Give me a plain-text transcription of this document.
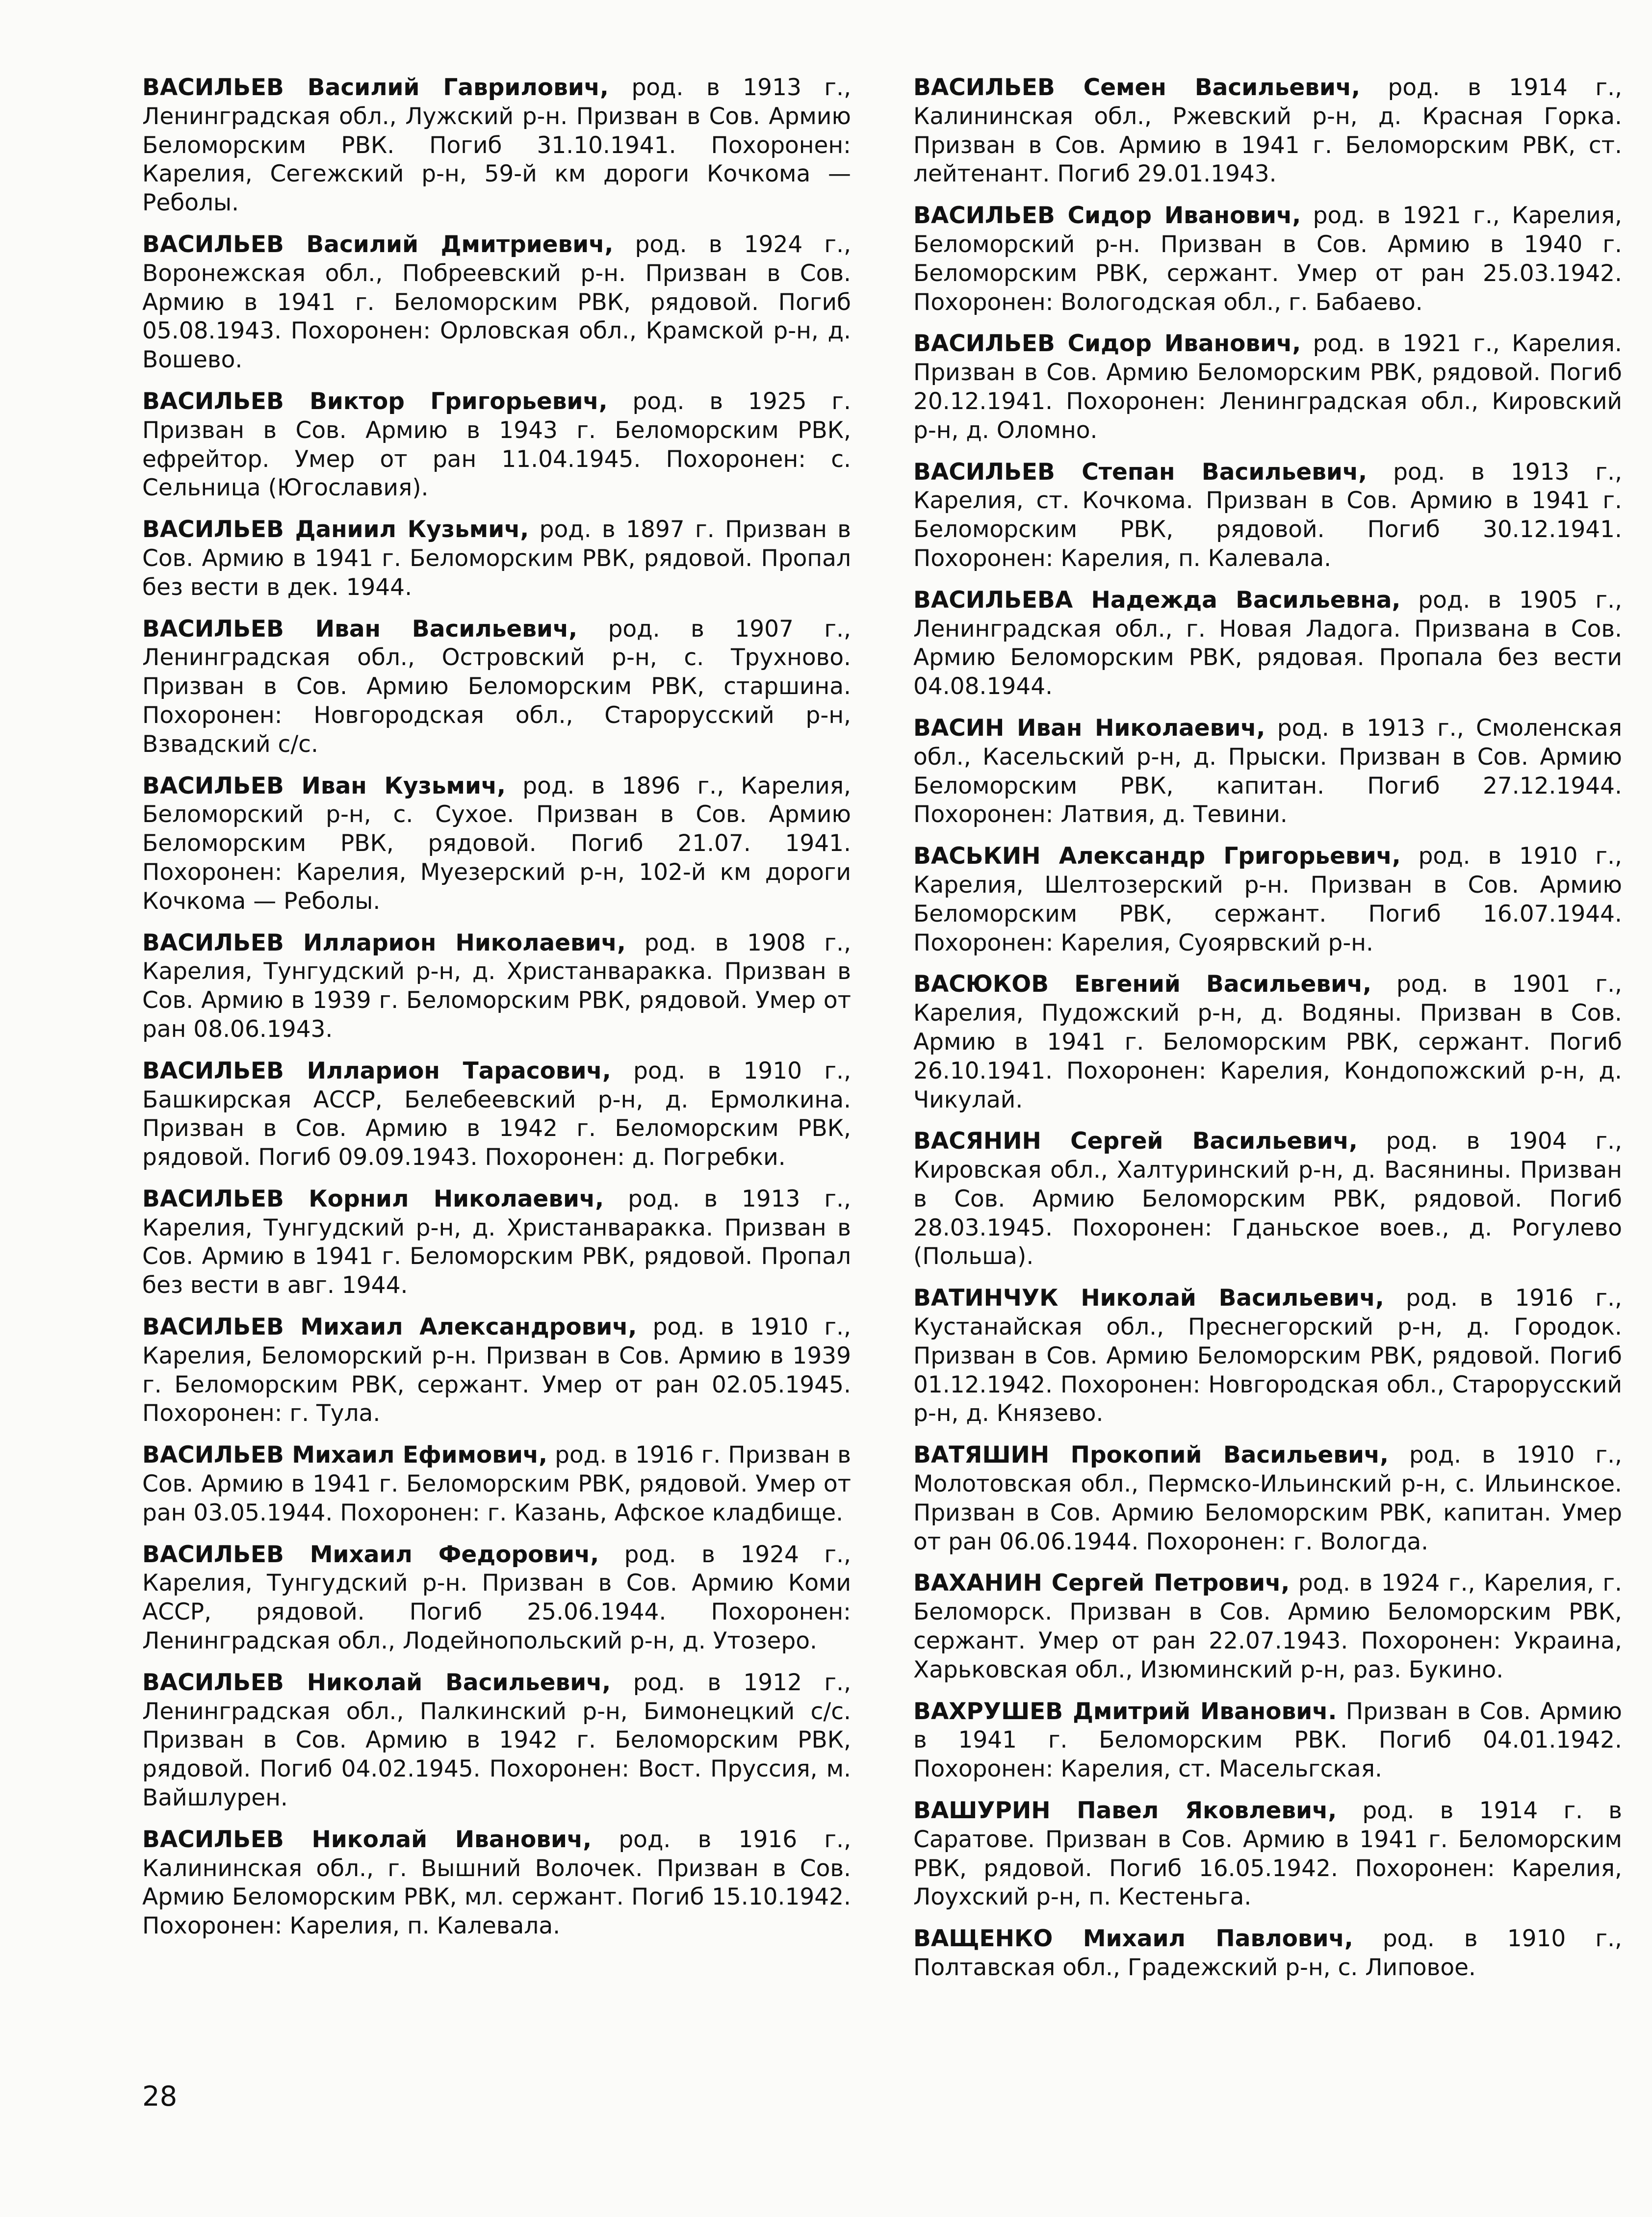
ВАСИЛЬЕВ Василий Гаврилович, род. в 1913 г., Ленинградская обл., Лужский р-н. Призван в Сов. Армию Беломорским РВК. Погиб 31.10.1941. Похоронен: Карелия, Сегежский р-н, 59-й км дороги Кочкома — Реболы.

ВАСИЛЬЕВ Василий Дмитриевич, род. в 1924 г., Воронежская обл., Побреевский р-н. Призван в Сов. Армию в 1941 г. Беломорским РВК, рядовой. Погиб 05.08.1943. Похоронен: Орловская обл., Крамской р-н, д. Вошево.

ВАСИЛЬЕВ Виктор Григорьевич, род. в 1925 г. Призван в Сов. Армию в 1943 г. Беломорским РВК, ефрейтор. Умер от ран 11.04.1945. Похоронен: с. Сельница (Югославия).

ВАСИЛЬЕВ Даниил Кузьмич, род. в 1897 г. Призван в Сов. Армию в 1941 г. Беломорским РВК, рядовой. Пропал без вести в дек. 1944.

ВАСИЛЬЕВ Иван Васильевич, род. в 1907 г., Ленинградская обл., Островский р-н, с. Трухново. Призван в Сов. Армию Беломорским РВК, старшина. Похоронен: Новгородская обл., Старорусский р-н, Взвадский с/с.

ВАСИЛЬЕВ Иван Кузьмич, род. в 1896 г., Карелия, Беломорский р-н, с. Сухое. Призван в Сов. Армию Беломорским РВК, рядовой. Погиб 21.07. 1941. Похоронен: Карелия, Муезерский р-н, 102-й км дороги Кочкома — Реболы.

ВАСИЛЬЕВ Илларион Николаевич, род. в 1908 г., Карелия, Тунгудский р-н, д. Христанваракка. Призван в Сов. Армию в 1939 г. Беломорским РВК, рядовой. Умер от ран 08.06.1943.

ВАСИЛЬЕВ Илларион Тарасович, род. в 1910 г., Башкирская АССР, Белебеевский р-н, д. Ермолкина. Призван в Сов. Армию в 1942 г. Беломорским РВК, рядовой. Погиб 09.09.1943. Похоронен: д. Погребки.

ВАСИЛЬЕВ Корнил Николаевич, род. в 1913 г., Карелия, Тунгудский р-н, д. Христанваракка. Призван в Сов. Армию в 1941 г. Беломорским РВК, рядовой. Пропал без вести в авг. 1944.

ВАСИЛЬЕВ Михаил Александрович, род. в 1910 г., Карелия, Беломорский р-н. Призван в Сов. Армию в 1939 г. Беломорским РВК, сержант. Умер от ран 02.05.1945. Похоронен: г. Тула.

ВАСИЛЬЕВ Михаил Ефимович, род. в 1916 г. Призван в Сов. Армию в 1941 г. Беломорским РВК, рядовой. Умер от ран 03.05.1944. Похоронен: г. Казань, Афское кладбище.

ВАСИЛЬЕВ Михаил Федорович, род. в 1924 г., Карелия, Тунгудский р-н. Призван в Сов. Армию Коми АССР, рядовой. Погиб 25.06.1944. Похоронен: Ленинградская обл., Лодейнопольский р-н, д. Утозеро.

ВАСИЛЬЕВ Николай Васильевич, род. в 1912 г., Ленинградская обл., Палкинский р-н, Бимонецкий с/с. Призван в Сов. Армию в 1942 г. Беломорским РВК, рядовой. Погиб 04.02.1945. Похоронен: Вост. Пруссия, м. Вайшлурен.

ВАСИЛЬЕВ Николай Иванович, род. в 1916 г., Калининская обл., г. Вышний Волочек. Призван в Сов. Армию Беломорским РВК, мл. сержант. Погиб 15.10.1942. Похоронен: Карелия, п. Калевала.

ВАСИЛЬЕВ Семен Васильевич, род. в 1914 г., Калининская обл., Ржевский р-н, д. Красная Горка. Призван в Сов. Армию в 1941 г. Беломорским РВК, ст. лейтенант. Погиб 29.01.1943.

ВАСИЛЬЕВ Сидор Иванович, род. в 1921 г., Карелия, Беломорский р-н. Призван в Сов. Армию в 1940 г. Беломорским РВК, сержант. Умер от ран 25.03.1942. Похоронен: Вологодская обл., г. Бабаево.

ВАСИЛЬЕВ Сидор Иванович, род. в 1921 г., Карелия. Призван в Сов. Армию Беломорским РВК, рядовой. Погиб 20.12.1941. Похоронен: Ленинградская обл., Кировский р-н, д. Оломно.

ВАСИЛЬЕВ Степан Васильевич, род. в 1913 г., Карелия, ст. Кочкома. Призван в Сов. Армию в 1941 г. Беломорским РВК, рядовой. Погиб 30.12.1941. Похоронен: Карелия, п. Калевала.

ВАСИЛЬЕВА Надежда Васильевна, род. в 1905 г., Ленинградская обл., г. Новая Ладога. Призвана в Сов. Армию Беломорским РВК, рядовая. Пропала без вести 04.08.1944.

ВАСИН Иван Николаевич, род. в 1913 г., Смоленская обл., Касельский р-н, д. Прыски. Призван в Сов. Армию Беломорским РВК, капитан. Погиб 27.12.1944. Похоронен: Латвия, д. Тевини.

ВАСЬКИН Александр Григорьевич, род. в 1910 г., Карелия, Шелтозерский р-н. Призван в Сов. Армию Беломорским РВК, сержант. Погиб 16.07.1944. Похоронен: Карелия, Суоярвский р-н.

ВАСЮКОВ Евгений Васильевич, род. в 1901 г., Карелия, Пудожский р-н, д. Водяны. Призван в Сов. Армию в 1941 г. Беломорским РВК, сержант. Погиб 26.10.1941. Похоронен: Карелия, Кондопожский р-н, д. Чикулай.

ВАСЯНИН Сергей Васильевич, род. в 1904 г., Кировская обл., Халтуринский р-н, д. Васянины. Призван в Сов. Армию Беломорским РВК, рядовой. Погиб 28.03.1945. Похоронен: Гданьское воев., д. Рогулево (Польша).

ВАТИНЧУК Николай Васильевич, род. в 1916 г., Кустанайская обл., Преснегорский р-н, д. Городок. Призван в Сов. Армию Беломорским РВК, рядовой. Погиб 01.12.1942. Похоронен: Новгородская обл., Старорусский р-н, д. Князево.

ВАТЯШИН Прокопий Васильевич, род. в 1910 г., Молотовская обл., Пермско-Ильинский р-н, с. Ильинское. Призван в Сов. Армию Беломорским РВК, капитан. Умер от ран 06.06.1944. Похоронен: г. Вологда.

ВАХАНИН Сергей Петрович, род. в 1924 г., Карелия, г. Беломорск. Призван в Сов. Армию Беломорским РВК, сержант. Умер от ран 22.07.1943. Похоронен: Украина, Харьковская обл., Изюминский р-н, раз. Букино.

ВАХРУШЕВ Дмитрий Иванович. Призван в Сов. Армию в 1941 г. Беломорским РВК. Погиб 04.01.1942. Похоронен: Карелия, ст. Масельгская.

ВАШУРИН Павел Яковлевич, род. в 1914 г. в Саратове. Призван в Сов. Армию в 1941 г. Беломорским РВК, рядовой. Погиб 16.05.1942. Похоронен: Карелия, Лоухский р-н, п. Кестеньга.

ВАЩЕНКО Михаил Павлович, род. в 1910 г., Полтавская обл., Градежский р-н, с. Липовое.

28
